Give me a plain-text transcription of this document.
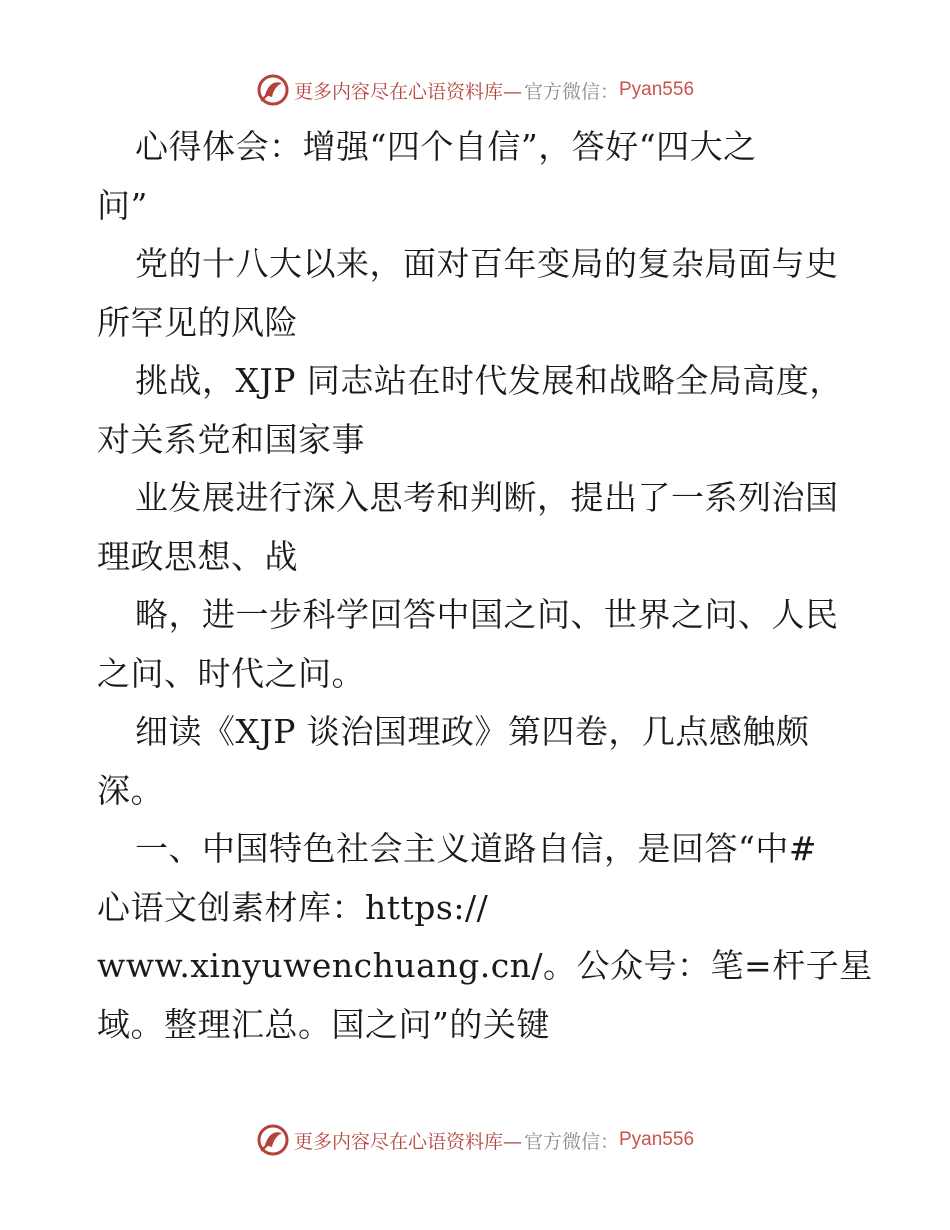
更多内容尽在心语资料库— 官方微信： Pyan556
心得体会：增强“四个自信”，答好“四大之
问”
党的十八大以来，面对百年变局的复杂局面与史
所罕见的风险
挑战，XJP 同志站在时代发展和战略全局高度，
对关系党和国家事
业发展进行深入思考和判断，提出了一系列治国
理政思想、战
略，进一步科学回答中国之问、世界之问、人民
之问、时代之问。
细读《XJP 谈治国理政》第四卷，几点感触颇
深。
一、中国特色社会主义道路自信，是回答“中#
心语文创素材库：https://
www.xinyuwenchuang.cn/。公众号：笔=杆子星
域。整理汇总。国之问”的关键
更多内容尽在心语资料库— 官方微信： Pyan556
